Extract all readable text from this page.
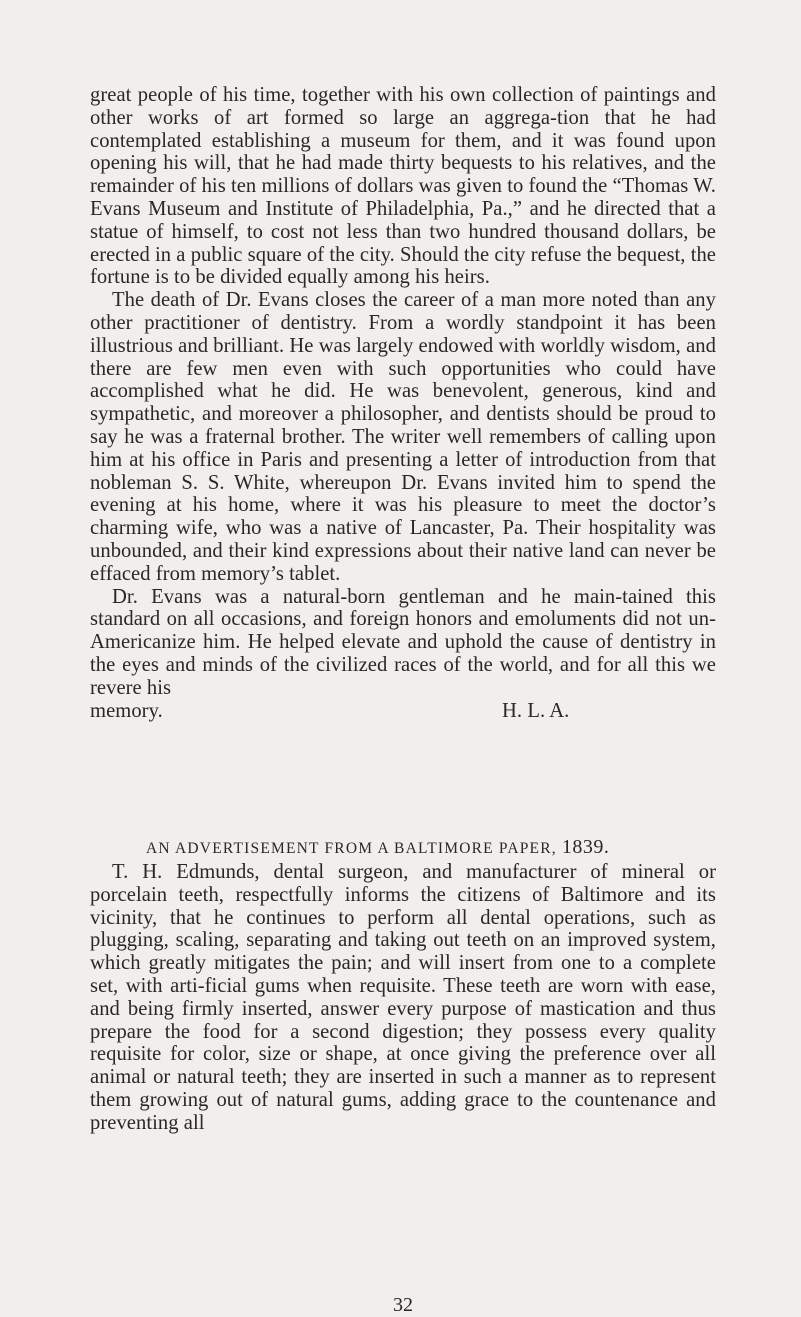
great people of his time, together with his own collection of paintings and other works of art formed so large an aggrega-tion that he had contemplated establishing a museum for them, and it was found upon opening his will, that he had made thirty bequests to his relatives, and the remainder of his ten millions of dollars was given to found the “Thomas W. Evans Museum and Institute of Philadelphia, Pa.,” and he directed that a statue of himself, to cost not less than two hundred thousand dollars, be erected in a public square of the city. Should the city refuse the bequest, the fortune is to be divided equally among his heirs.

The death of Dr. Evans closes the career of a man more noted than any other practitioner of dentistry. From a wordly standpoint it has been illustrious and brilliant. He was largely endowed with worldly wisdom, and there are few men even with such opportunities who could have accomplished what he did. He was benevolent, generous, kind and sympathetic, and moreover a philosopher, and dentists should be proud to say he was a fraternal brother. The writer well remembers of calling upon him at his office in Paris and presenting a letter of introduction from that nobleman S. S. White, whereupon Dr. Evans invited him to spend the evening at his home, where it was his pleasure to meet the doctor’s charming wife, who was a native of Lancaster, Pa. Their hospitality was unbounded, and their kind expressions about their native land can never be effaced from memory’s tablet.

Dr. Evans was a natural-born gentleman and he main-tained this standard on all occasions, and foreign honors and emoluments did not un-Americanize him. He helped elevate and uphold the cause of dentistry in the eyes and minds of the civilized races of the world, and for all this we revere his

memory.	H. L. A.
AN ADVERTISEMENT FROM A BALTIMORE PAPER, 1839.

T. H. Edmunds, dental surgeon, and manufacturer of mineral or porcelain teeth, respectfully informs the citizens of Baltimore and its vicinity, that he continues to perform all dental operations, such as plugging, scaling, separating and taking out teeth on an improved system, which greatly mitigates the pain; and will insert from one to a complete set, with arti-ficial gums when requisite. These teeth are worn with ease, and being firmly inserted, answer every purpose of mastication and thus prepare the food for a second digestion; they possess every quality requisite for color, size or shape, at once giving the preference over all animal or natural teeth; they are inserted in such a manner as to represent them growing out of natural gums, adding grace to the countenance and preventing all

32
